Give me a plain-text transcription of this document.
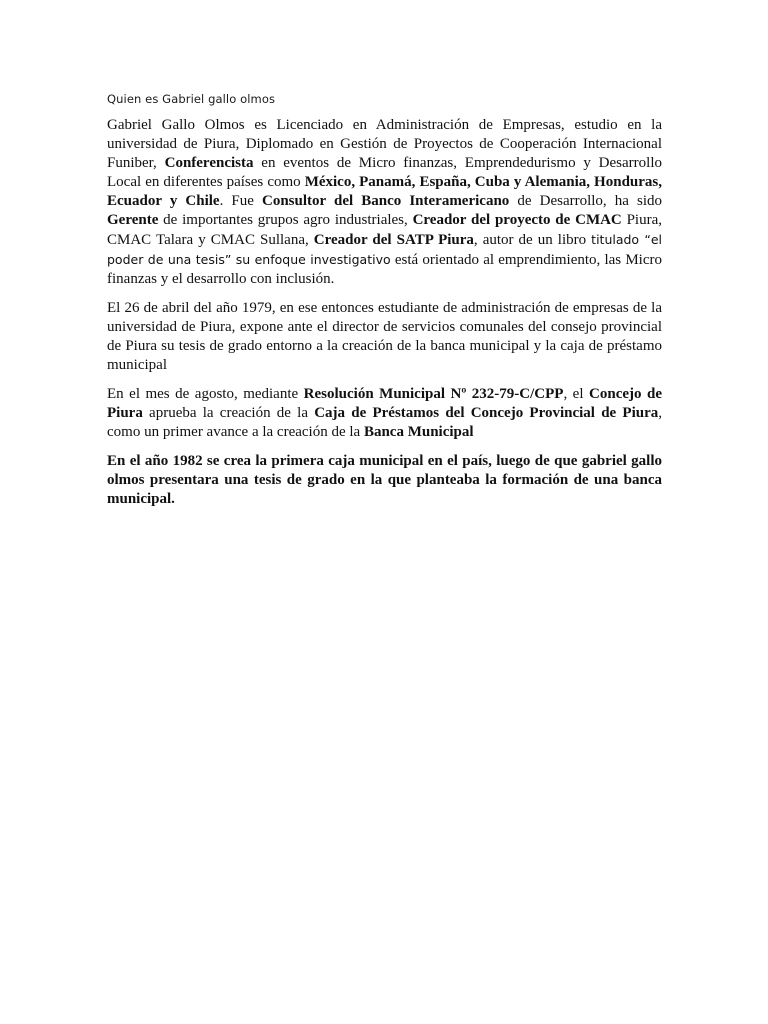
Quien es Gabriel gallo olmos

Gabriel Gallo Olmos es Licenciado en Administración de Empresas, estudio en la universidad de Piura, Diplomado en Gestión de Proyectos de Cooperación Internacional Funiber, Conferencista en eventos de Micro finanzas, Emprendedurismo y Desarrollo Local en diferentes países como México, Panamá, España, Cuba y Alemania, Honduras, Ecuador y Chile. Fue Consultor del Banco Interamericano de Desarrollo, ha sido Gerente de importantes grupos agro industriales, Creador del proyecto de CMAC Piura, CMAC Talara y CMAC Sullana, Creador del SATP Piura, autor de un libro titulado “el poder de una tesis” su enfoque investigativo está orientado al emprendimiento, las Micro finanzas y el desarrollo con inclusión.

El 26 de abril del año 1979, en ese entonces estudiante de administración de empresas de la universidad de Piura, expone ante el director de servicios comunales del consejo provincial de Piura su tesis de grado entorno a la creación de la banca municipal y la caja de préstamo municipal

En el mes de agosto, mediante Resolución Municipal Nº 232-79-C/CPP, el Concejo de Piura aprueba la creación de la Caja de Préstamos del Concejo Provincial de Piura, como un primer avance a la creación de la Banca Municipal

En el año 1982 se crea la primera caja municipal en el país, luego de que gabriel gallo olmos presentara una tesis de grado en la que planteaba la formación de una banca municipal.
